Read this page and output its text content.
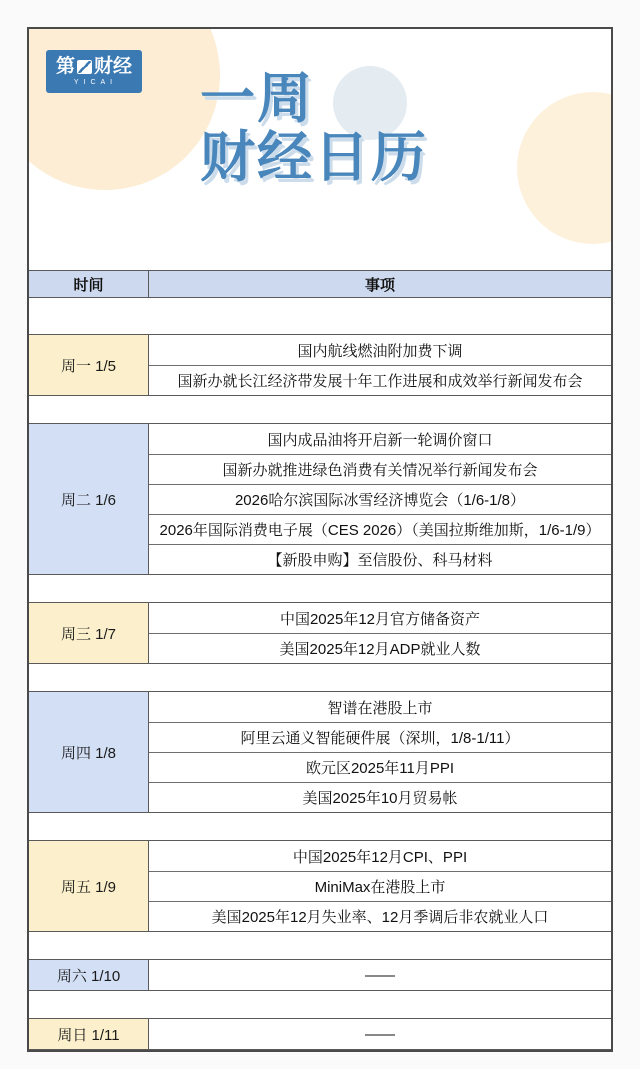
第 财经
YICAI 一周
财经日历
时间	事项
周一 1/5
国内航线燃油附加费下调
国新办就长江经济带发展十年工作进展和成效举行新闻发布会
周二 1/6
国内成品油将开启新一轮调价窗口
国新办就推进绿色消费有关情况举行新闻发布会
2026哈尔滨国际冰雪经济博览会（1/6-1/8）
2026年国际消费电子展（CES 2026）（美国拉斯维加斯，1/6-1/9）
【新股申购】至信股份、科马材料
周三 1/7
中国2025年12月官方储备资产
美国2025年12月ADP就业人数
周四 1/8
智谱在港股上市
阿里云通义智能硬件展（深圳，1/8-1/11）
欧元区2025年11月PPI
美国2025年10月贸易帐
周五 1/9
中国2025年12月CPI、PPI
MiniMax在港股上市
美国2025年12月失业率、12月季调后非农就业人口
周六 1/10	——
周日 1/11	——
